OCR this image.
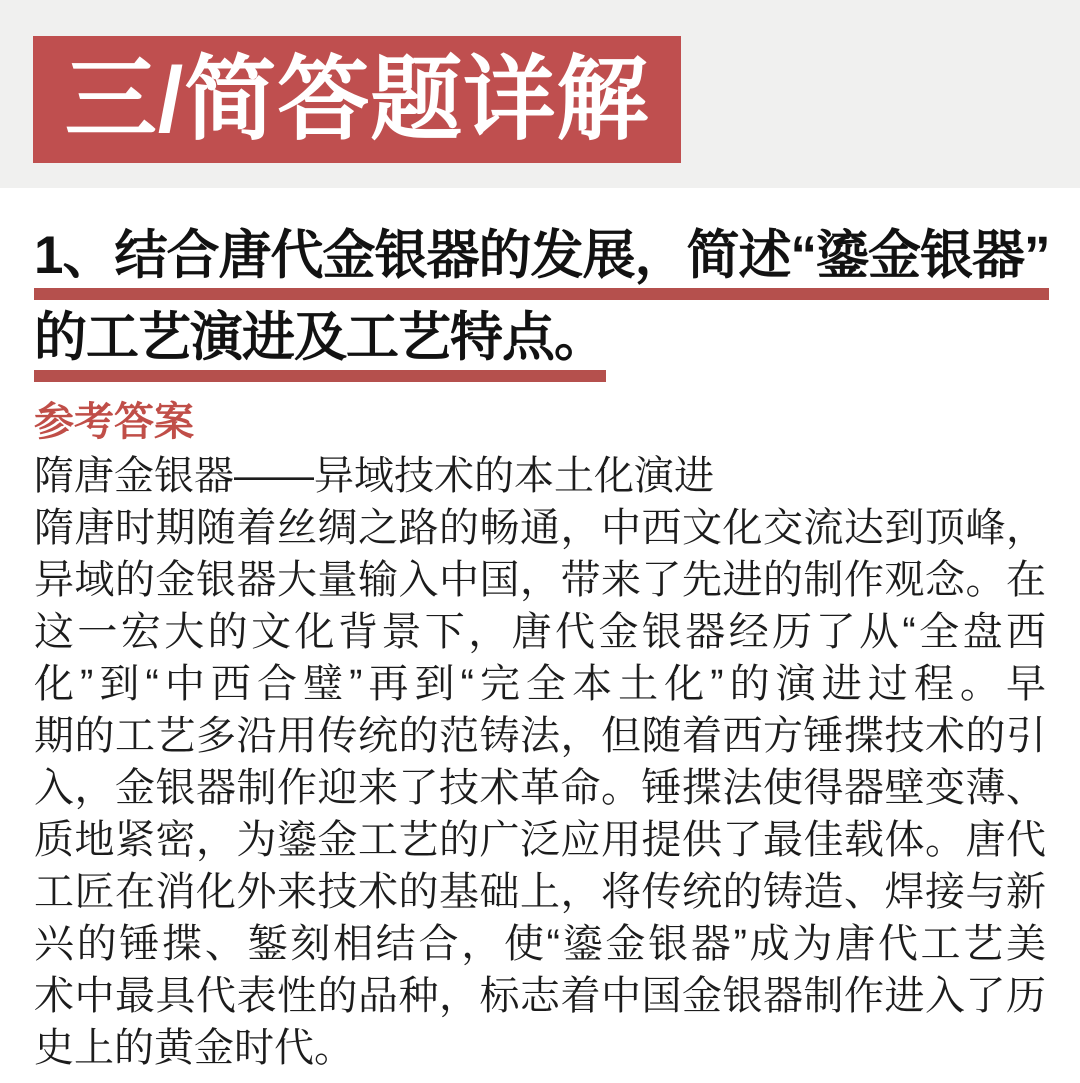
三/简答题详解
1、结合唐代金银器的发展，简述“鎏金银器”
的工艺演进及工艺特点。
参考答案
隋唐金银器——异域技术的本土化演进
隋唐时期随着丝绸之路的畅通，中西文化交流达到顶峰，
异域的金银器大量输入中国，带来了先进的制作观念。在
这一宏大的文化背景下，唐代金银器经历了从“全盘西
化”到“中西合璧”再到“完全本土化”的演进过程。早
期的工艺多沿用传统的范铸法，但随着西方锤揲技术的引
入，金银器制作迎来了技术革命。锤揲法使得器壁变薄、
质地紧密，为鎏金工艺的广泛应用提供了最佳载体。唐代
工匠在消化外来技术的基础上，将传统的铸造、焊接与新
兴的锤揲、錾刻相结合，使“鎏金银器”成为唐代工艺美
术中最具代表性的品种，标志着中国金银器制作进入了历
史上的黄金时代。
